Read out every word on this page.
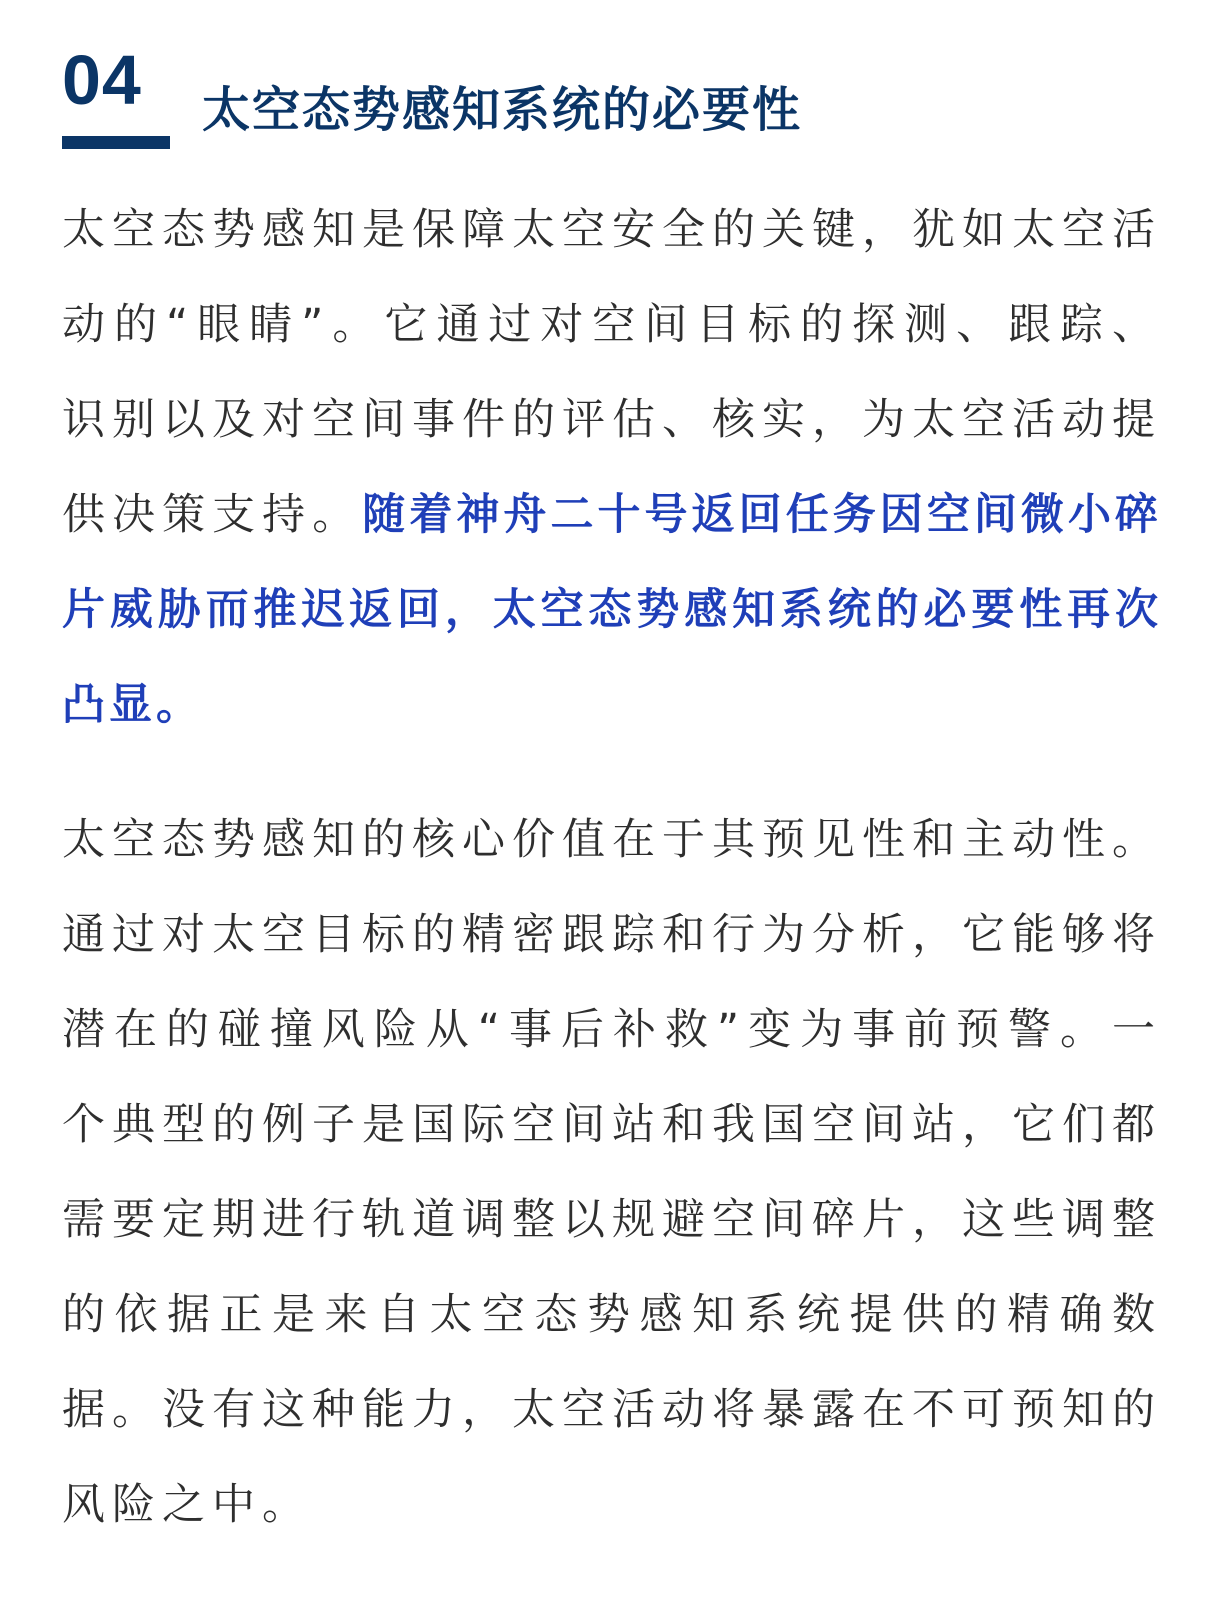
04 太空态势感知系统的必要性

太空态势感知是保障太空安全的关键，犹如太空活动的“眼睛”。它通过对空间目标的探测、跟踪、识别以及对空间事件的评估、核实，为太空活动提供决策支持。随着神舟二十号返回任务因空间微小碎片威胁而推迟返回，太空态势感知系统的必要性再次凸显。

太空态势感知的核心价值在于其预见性和主动性。通过对太空目标的精密跟踪和行为分析，它能够将潜在的碰撞风险从“事后补救”变为事前预警。一个典型的例子是国际空间站和我国空间站，它们都需要定期进行轨道调整以规避空间碎片，这些调整的依据正是来自太空态势感知系统提供的精确数据。没有这种能力，太空活动将暴露在不可预知的风险之中。
